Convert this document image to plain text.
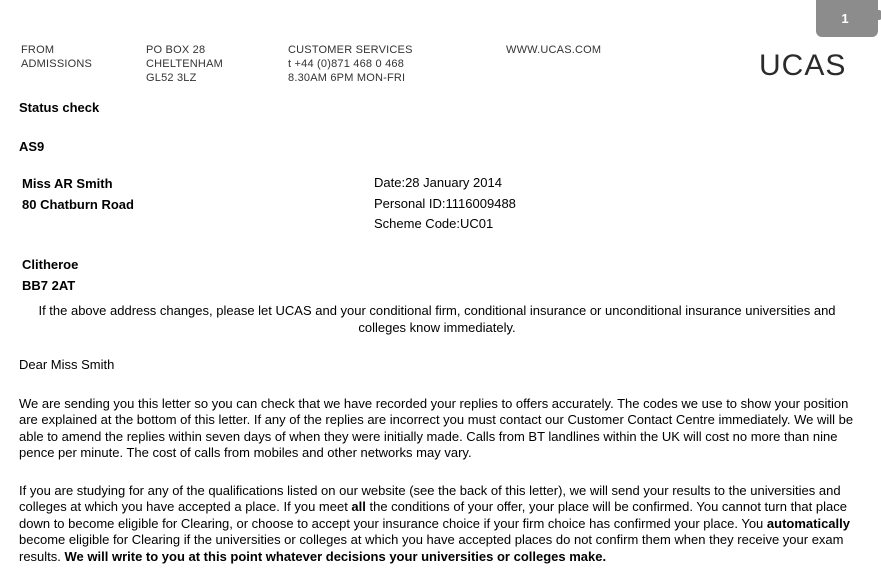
1
FROM
ADMISSIONS
PO BOX 28
CHELTENHAM
GL52 3LZ
CUSTOMER SERVICES
t +44 (0)871 468 0 468
8.30AM 6PM MON-FRI
WWW.UCAS.COM	UCAS
Status check
AS9
Miss AR Smith
80 Chatburn Road
Date:28 January 2014
Personal ID:1116009488
Scheme Code:UC01
Clitheroe
BB7 2AT
If the above address changes, please let UCAS and your conditional firm, conditional insurance or unconditional insurance universities and colleges know immediately.
Dear Miss Smith
We are sending you this letter so you can check that we have recorded your replies to offers accurately. The codes we use to show your position are explained at the bottom of this letter. If any of the replies are incorrect you must contact our Customer Contact Centre immediately. We will be able to amend the replies within seven days of when they were initially made. Calls from BT landlines within the UK will cost no more than nine pence per minute. The cost of calls from mobiles and other networks may vary.
If you are studying for any of the qualifications listed on our website (see the back of this letter), we will send your results to the universities and colleges at which you have accepted a place. If you meet all the conditions of your offer, your place will be confirmed. You cannot turn that place down to become eligible for Clearing, or choose to accept your insurance choice if your firm choice has confirmed your place. You automatically become eligible for Clearing if the universities or colleges at which you have accepted places do not confirm them when they receive your exam results. We will write to you at this point whatever decisions your universities or colleges make.
